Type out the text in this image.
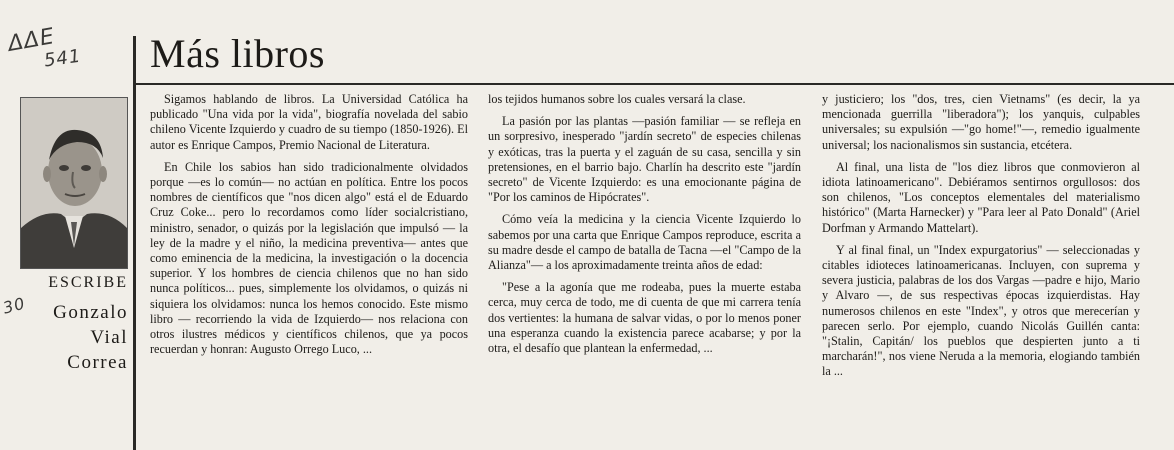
ΔΔE
541
30
Más libros
ESCRIBE
Gonzalo
Vial
Correa

Sigamos hablando de libros. La Universidad Católica ha publicado "Una vida por la vida", biografía novelada del sabio chileno Vicente Izquierdo y cuadro de su tiempo (1850-1926). El autor es Enrique Campos, Premio Nacional de Literatura.

En Chile los sabios han sido tradicionalmente olvidados porque —es lo común— no actúan en política. Entre los pocos nombres de científicos que "nos dicen algo" está el de Eduardo Cruz Coke... pero lo recordamos como líder socialcristiano, ministro, senador, o quizás por la legislación que impulsó — la ley de la madre y el niño, la medicina preventiva— antes que como eminencia de la medicina, la investigación o la docencia superior. Y los hombres de ciencia chilenos que no han sido nunca políticos... pues, simplemente los olvidamos, o quizás ni siquiera los olvidamos: nunca los hemos conocido. Este mismo libro — recorriendo la vida de Izquierdo— nos relaciona con otros ilustres médicos y científicos chilenos, que ya pocos recuerdan y honran: Augusto Orrego Luco, ...

los tejidos humanos sobre los cuales versará la clase.

La pasión por las plantas —pasión familiar — se refleja en un sorpresivo, inesperado "jardín secreto" de especies chilenas y exóticas, tras la puerta y el zaguán de su casa, sencilla y sin pretensiones, en el barrio bajo. Charlín ha descrito este "jardín secreto" de Vicente Izquierdo: es una emocionante página de "Por los caminos de Hipócrates".

Cómo veía la medicina y la ciencia Vicente Izquierdo lo sabemos por una carta que Enrique Campos reproduce, escrita a su madre desde el campo de batalla de Tacna —el "Campo de la Alianza"— a los aproximadamente treinta años de edad:

"Pese a la agonía que me rodeaba, pues la muerte estaba cerca, muy cerca de todo, me di cuenta de que mi carrera tenía dos vertientes: la humana de salvar vidas, o por lo menos poner una esperanza cuando la existencia parece acabarse; y por la otra, el desafío que plantean la enfermedad, ...

y justiciero; los "dos, tres, cien Vietnams" (es decir, la ya mencionada guerrilla "liberadora"); los yanquis, culpables universales; su expulsión —"go home!"—, remedio igualmente universal; los nacionalismos sin sustancia, etcétera.

Al final, una lista de "los diez libros que conmovieron al idiota latinoamericano". Debiéramos sentirnos orgullosos: dos son chilenos, "Los conceptos elementales del materialismo histórico" (Marta Harnecker) y "Para leer al Pato Donald" (Ariel Dorfman y Armando Mattelart).

Y al final final, un "Index expurgatorius" — seleccionadas y citables idioteces latinoamericanas. Incluyen, con suprema y severa justicia, palabras de los dos Vargas —padre e hijo, Mario y Alvaro —, de sus respectivas épocas izquierdistas. Hay numerosos chilenos en este "Index", y otros que merecerían y parecen serlo. Por ejemplo, cuando Nicolás Guillén canta: "¡Stalin, Capitán/ los pueblos que despierten junto a ti marcharán!", nos viene Neruda a la memoria, elogiando también la ...
